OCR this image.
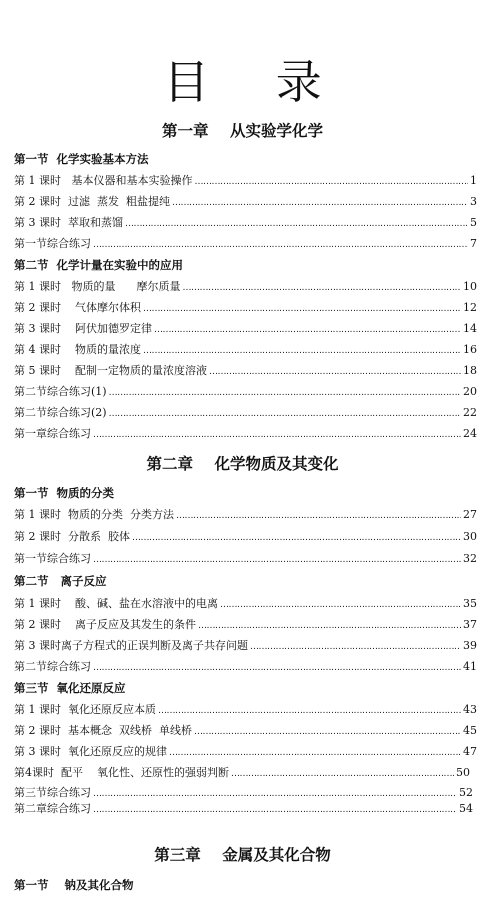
目 录
第一章    从实验学化学
第一节  化学实验基本方法
第 1 课时   基本仪器和基本实验操作 ……………………………………………………………………………………………………………………………………………………………………………………………………………………	1
第 2 课时  过滤  蒸发  粗盐提纯 ……………………………………………………………………………………………………………………………………………………………………………………………………………………	3
第 3 课时  萃取和蒸馏 ……………………………………………………………………………………………………………………………………………………………………………………………………………………	5
第一节综合练习 ……………………………………………………………………………………………………………………………………………………………………………………………………………………	7
第二节  化学计量在实验中的应用
第 1 课时   物质的量      摩尔质量 ……………………………………………………………………………………………………………………………………………………………………………………………………………………	10
第 2 课时    气体摩尔体积 ……………………………………………………………………………………………………………………………………………………………………………………………………………………	12
第 3 课时    阿伏加德罗定律 ……………………………………………………………………………………………………………………………………………………………………………………………………………………	14
第 4 课时    物质的量浓度 ……………………………………………………………………………………………………………………………………………………………………………………………………………………	16
第 5 课时    配制一定物质的量浓度溶液 ……………………………………………………………………………………………………………………………………………………………………………………………………………………	18
第二节综合练习(1) ……………………………………………………………………………………………………………………………………………………………………………………………………………………	20
第二节综合练习(2) ……………………………………………………………………………………………………………………………………………………………………………………………………………………	22
第一章综合练习 ……………………………………………………………………………………………………………………………………………………………………………………………………………………	24
第二章    化学物质及其变化
第一节  物质的分类
第 1 课时  物质的分类  分类方法 ……………………………………………………………………………………………………………………………………………………………………………………………………………………	27
第 2 课时  分散系  胶体 ……………………………………………………………………………………………………………………………………………………………………………………………………………………	30
第一节综合练习 ……………………………………………………………………………………………………………………………………………………………………………………………………………………	32
第二节   离子反应
第 1 课时    酸、碱、盐在水溶液中的电离 ……………………………………………………………………………………………………………………………………………………………………………………………………………………	35
第 2 课时    离子反应及其发生的条件 ……………………………………………………………………………………………………………………………………………………………………………………………………………………	37
第 3 课时离子方程式的正误判断及离子共存问题 ……………………………………………………………………………………………………………………………………………………………………………………………………………………	39
第二节综合练习 ……………………………………………………………………………………………………………………………………………………………………………………………………………………	41
第三节  氧化还原反应
第 1 课时  氧化还原反应本质 ……………………………………………………………………………………………………………………………………………………………………………………………………………………	43
第 2 课时  基本概念  双线桥  单线桥 ……………………………………………………………………………………………………………………………………………………………………………………………………………………	45
第 3 课时  氧化还原反应的规律 ……………………………………………………………………………………………………………………………………………………………………………………………………………………	47
第4课时  配平    氧化性、还原性的强弱判断 ……………………………………………………………………………………………………………………………………………………………………………………………………………………	50
第三节综合练习 ……………………………………………………………………………………………………………………………………………………………………………………………………………………	52
第二章综合练习 ……………………………………………………………………………………………………………………………………………………………………………………………………………………	54
第三章    金属及其化合物
第一节    钠及其化合物
